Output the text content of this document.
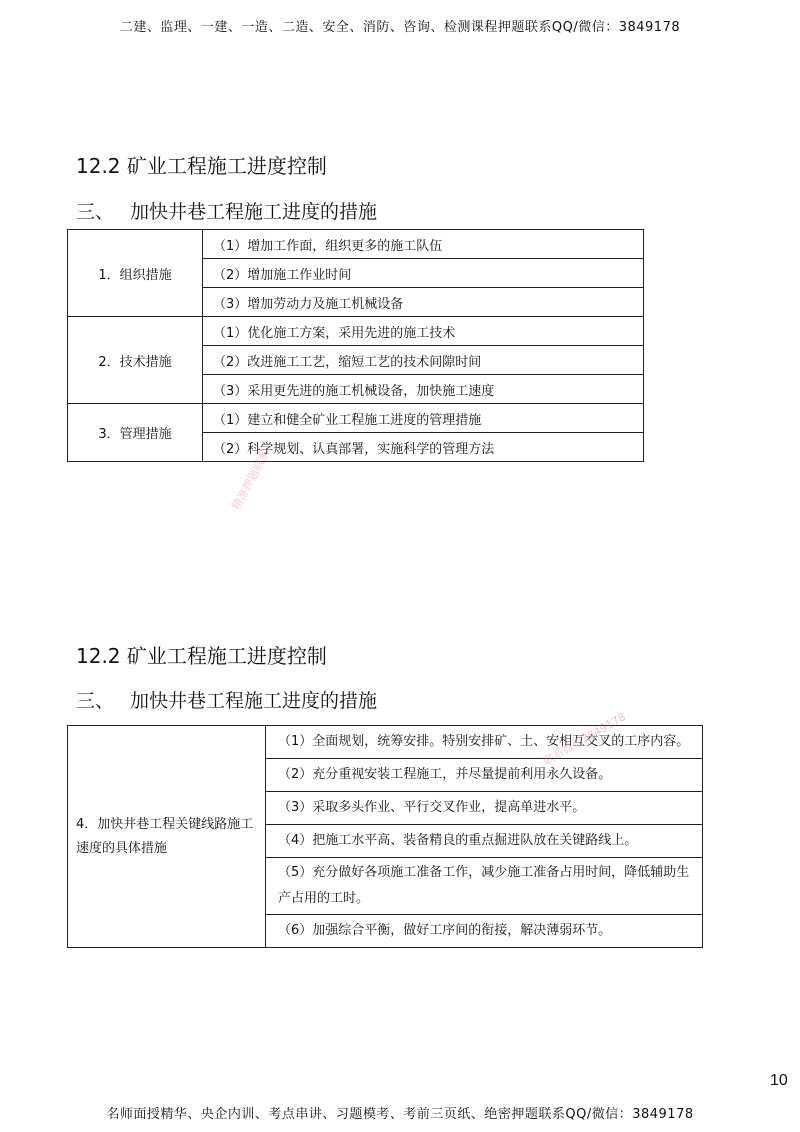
二建、监理、一建、一造、二造、安全、消防、咨询、检测课程押题联系QQ/微信：3849178
12.2 矿业工程施工进度控制
三、 加快井巷工程施工进度的措施
1．组织措施	（1）增加工作面，组织更多的施工队伍
	（2）增加施工作业时间
	（3）增加劳动力及施工机械设备
2．技术措施	（1）优化施工方案，采用先进的施工技术
	（2）改进施工工艺，缩短工艺的技术间隙时间
	（3）采用更先进的施工机械设备，加快施工速度
3．管理措施	（1）建立和健全矿业工程施工进度的管理措施
	（2）科学规划、认真部署，实施科学的管理方法
12.2 矿业工程施工进度控制
三、 加快井巷工程施工进度的措施
4．加快井巷工程关键线路施工速度的具体措施	（1）全面规划，统筹安排。特别安排矿、土、安相互交叉的工序内容。
（2）充分重视安装工程施工，并尽量提前利用永久设备。
（3）采取多头作业、平行交叉作业，提高单进水平。
（4）把施工水平高、装备精良的重点掘进队放在关键路线上。
（5）充分做好各项施工准备工作，减少施工准备占用时间，降低辅助生产占用的工时。
（6）加强综合平衡，做好工序间的衔接，解决薄弱环节。
精准押题联系
联系微信3849178
10
名师面授精华、央企内训、考点串讲、习题模考、考前三页纸、绝密押题联系QQ/微信：3849178
